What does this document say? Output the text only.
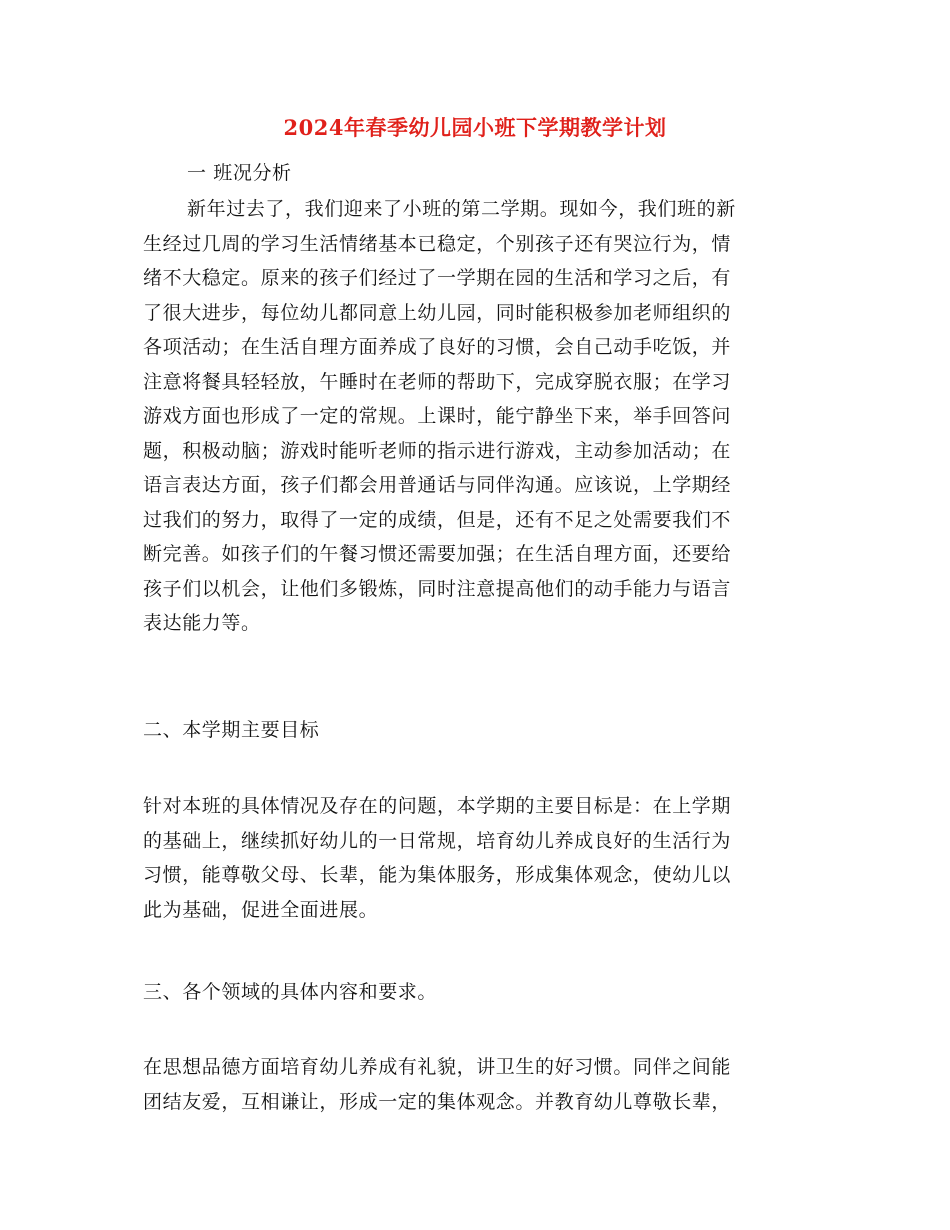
2024年春季幼儿园小班下学期教学计划

一 班况分析

新年过去了，我们迎来了小班的第二学期。现如今，我们班的新
生经过几周的学习生活情绪基本已稳定，个别孩子还有哭泣行为，情
绪不大稳定。原来的孩子们经过了一学期在园的生活和学习之后，有
了很大进步，每位幼儿都同意上幼儿园，同时能积极参加老师组织的
各项活动；在生活自理方面养成了良好的习惯，会自己动手吃饭，并
注意将餐具轻轻放，午睡时在老师的帮助下，完成穿脱衣服；在学习
游戏方面也形成了一定的常规。上课时，能宁静坐下来，举手回答问
题，积极动脑；游戏时能听老师的指示进行游戏，主动参加活动；在
语言表达方面，孩子们都会用普通话与同伴沟通。应该说，上学期经
过我们的努力，取得了一定的成绩，但是，还有不足之处需要我们不
断完善。如孩子们的午餐习惯还需要加强；在生活自理方面，还要给
孩子们以机会，让他们多锻炼，同时注意提高他们的动手能力与语言
表达能力等。

二、本学期主要目标

针对本班的具体情况及存在的问题，本学期的主要目标是：在上学期
的基础上，继续抓好幼儿的一日常规，培育幼儿养成良好的生活行为
习惯，能尊敬父母、长辈，能为集体服务，形成集体观念，使幼儿以
此为基础，促进全面进展。

三、各个领域的具体内容和要求。

在思想品德方面培育幼儿养成有礼貌，讲卫生的好习惯。同伴之间能
团结友爱，互相谦让，形成一定的集体观念。并教育幼儿尊敬长辈，
